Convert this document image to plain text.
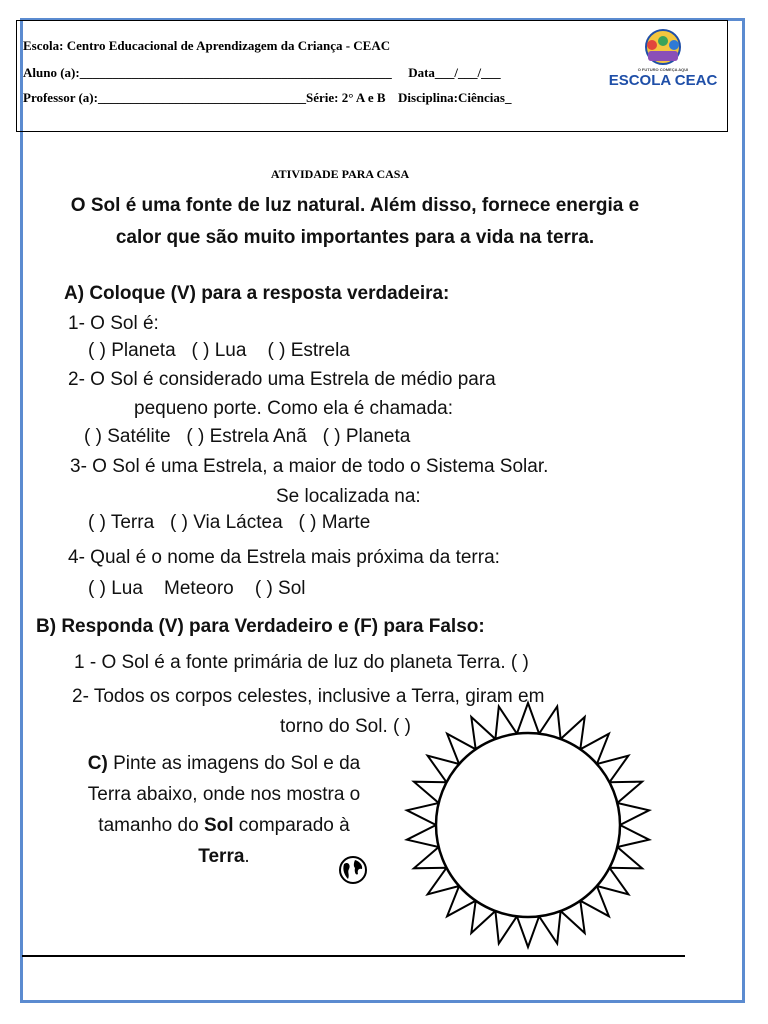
Escola: Centro Educacional de Aprendizagem da Criança - CEAC
Aluno (a):________________________________________________ Data___/___/___
Professor (a):________________________________Série: 2° A e B Disciplina:Ciências_
O FUTURO COMEÇA AQUI
ESCOLA CEAC
ATIVIDADE PARA CASA
O Sol é uma fonte de luz natural. Além disso, fornece energia e calor que são muito importantes para a vida na terra.
A) Coloque (V) para a resposta verdadeira:
1- O Sol é:
( ) Planeta   ( ) Lua    ( ) Estrela
2- O Sol é considerado uma Estrela de médio para
pequeno porte. Como ela é chamada:
( ) Satélite   ( ) Estrela Anã   ( ) Planeta
3- O Sol é uma Estrela, a maior de todo o Sistema Solar.
Se localizada na:
( ) Terra   ( ) Via Láctea   ( ) Marte
4- Qual é o nome da Estrela mais próxima da terra:
( ) Lua    Meteoro    ( ) Sol
B) Responda (V) para Verdadeiro e (F) para Falso:
1 - O Sol é a fonte primária de luz do planeta Terra. ( )
2- Todos os corpos celestes, inclusive a Terra, giram em
torno do Sol. ( )
C) Pinte as imagens do Sol e da
Terra abaixo, onde nos mostra o
tamanho do Sol comparado à
Terra.
